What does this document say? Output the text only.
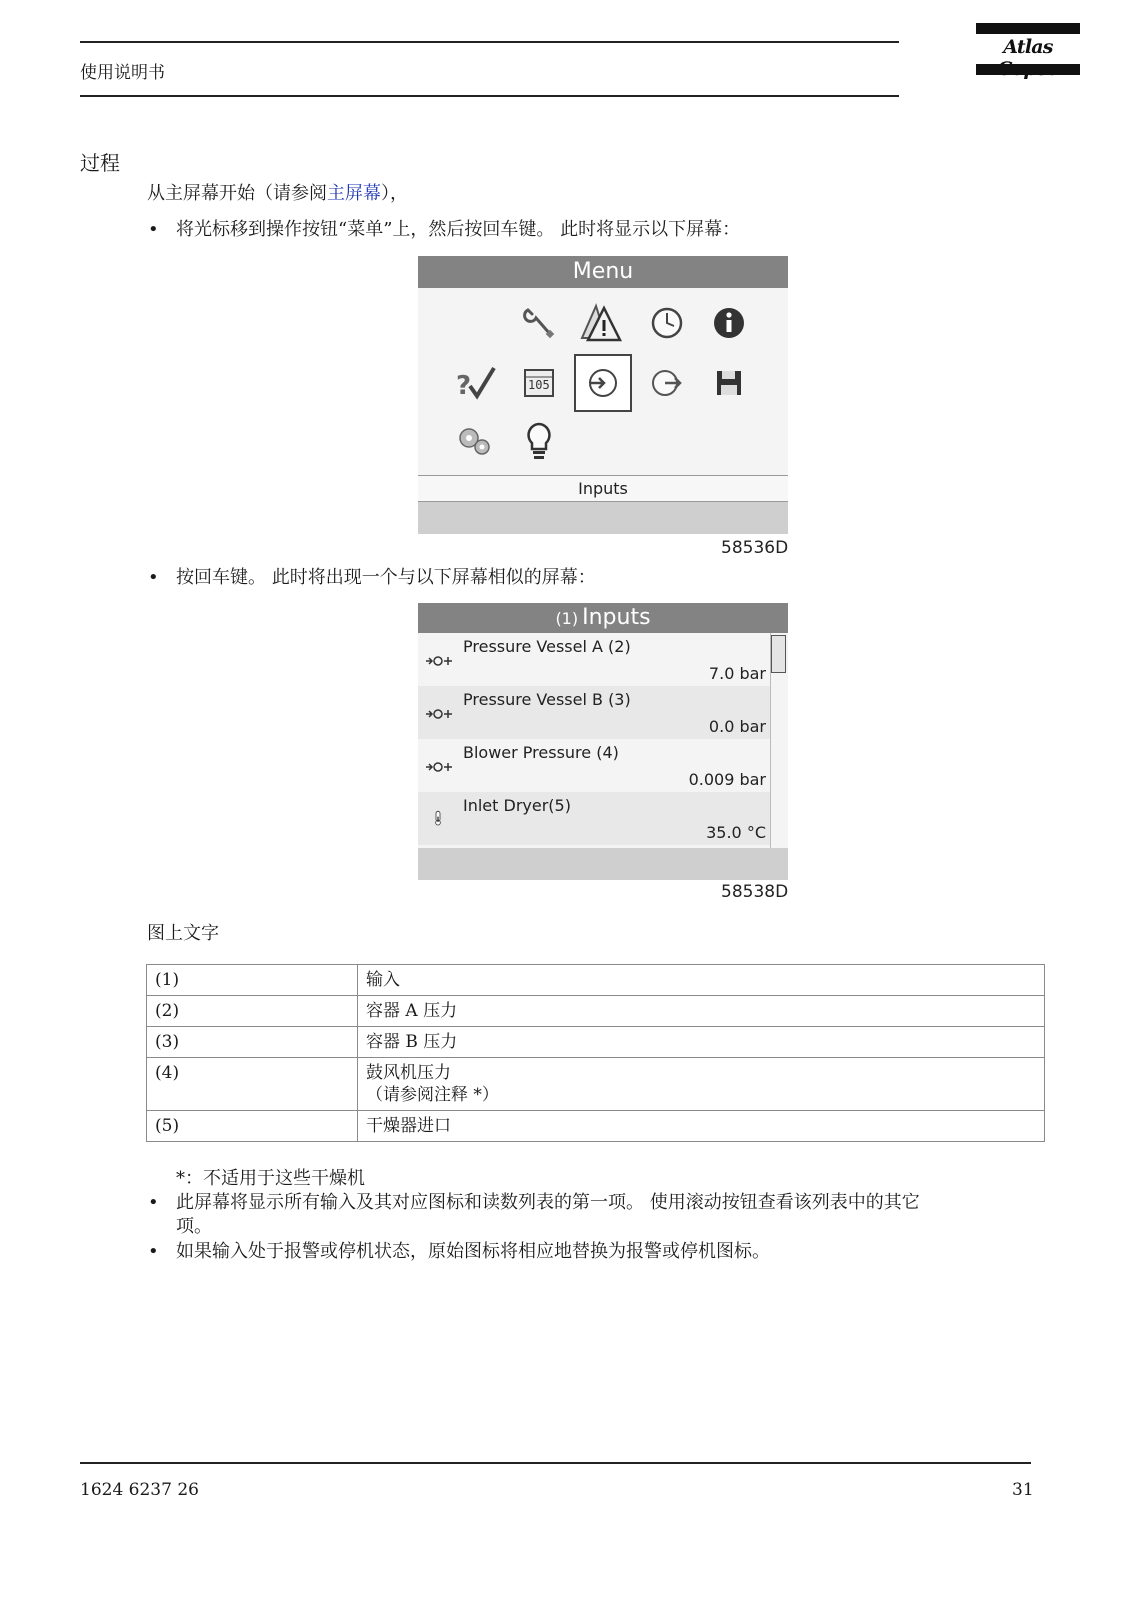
使用说明书
Atlas
过程
从主屏幕开始（请参阅主屏幕），
• 将光标移到操作按钮“菜单”上，然后按回车键。 此时将显示以下屏幕：
Menu
?	105
Inputs
58536D
• 按回车键。 此时将出现一个与以下屏幕相似的屏幕：
(1) Inputs
Pressure Vessel A (2)
7.0 bar
Pressure Vessel B (3)
0.0 bar
Blower Pressure (4)
0.009 bar
Inlet Dryer(5)
35.0 °C
58538D
图上文字
(1)	输入
(2)	容器 A 压力
(3)	容器 B 压力
(4)	鼓风机压力
（请参阅注释 *）

(5)	干燥器进口
*：不适用于这些干燥机
• 此屏幕将显示所有输入及其对应图标和读数列表的第一项。 使用滚动按钮查看该列表中的其它
项。
• 如果输入处于报警或停机状态，原始图标将相应地替换为报警或停机图标。
1624 6237 26	31
